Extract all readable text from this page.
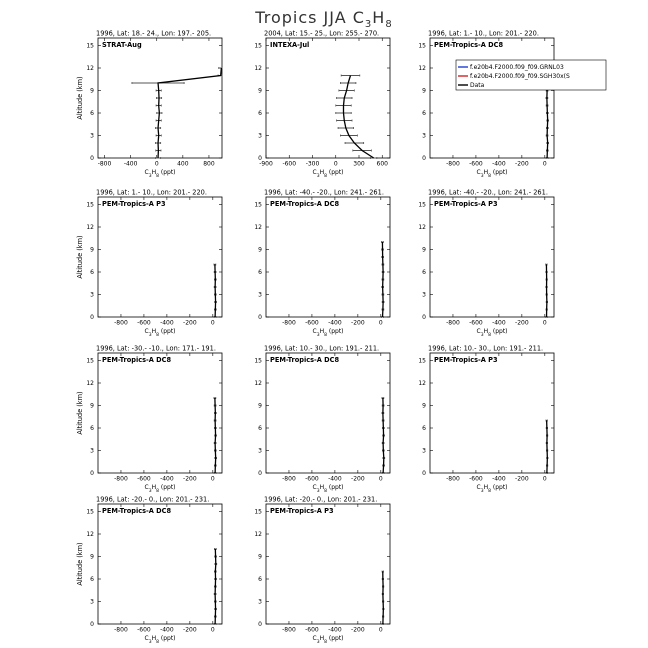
Tropics JJA $C_3H_8$
1996, Lat: 18.- 24., Lon: 197.- 205.
STRAT-Aug
0
3
6
9
12
15
-800 -400	0	400 800
$C_3H_8$ (ppt)
Altitude (km)
2004, Lat: 15.- 25., Lon: 255.- 270.
INTEXA-Jul
0
3
6
9
12
15
-900 -600 -300 0	300 600
$C_3H_8$ (ppt)
1996, Lat: 1.- 10., Lon: 201.- 220.
PEM-Tropics-A DC8
0
3
6
9
12
15
-800 -600 -400 -200 0
$C_3H_8$ (ppt)
f.e20b4.F2000.f09_f09.GRNL03
f.e20b4.F2000.f09_f09.SGH30x(S
Data
1996, Lat: 1.- 10., Lon: 201.- 220.
PEM-Tropics-A P3
0
3
6
9
12
15
-800 -600 -400 -200 0
$C_3H_8$ (ppt)
Altitude (km)
1996, Lat: -40.- -20., Lon: 241.- 261.
PEM-Tropics-A DC8
0
3
6
9
12
15
-800 -600 -400 -200 0
$C_3H_8$ (ppt)
1996, Lat: -40.- -20., Lon: 241.- 261.
PEM-Tropics-A P3
0
3
6
9
12
15
-800 -600 -400 -200 0
$C_3H_8$ (ppt)
1996, Lat: -30.- -10., Lon: 171.- 191.
PEM-Tropics-A DC8
0
3
6
9
12
15
-800 -600 -400 -200 0
$C_3H_8$ (ppt)
Altitude (km)
1996, Lat: 10.- 30., Lon: 191.- 211.
PEM-Tropics-A DC8
0
3
6
9
12
15
-800 -600 -400 -200 0
$C_3H_8$ (ppt)
1996, Lat: 10.- 30., Lon: 191.- 211.
PEM-Tropics-A P3
0
3
6
9
12
15
-800 -600 -400 -200 0
$C_3H_8$ (ppt)
1996, Lat: -20.- 0., Lon: 201.- 231.
PEM-Tropics-A DC8
0
3
6
9
12
15
-800 -600 -400 -200 0
$C_3H_8$ (ppt)
Altitude (km)
1996, Lat: -20.- 0., Lon: 201.- 231.
PEM-Tropics-A P3
0
3
6
9
12
15
-800 -600 -400 -200 0
$C_3H_8$ (ppt)
